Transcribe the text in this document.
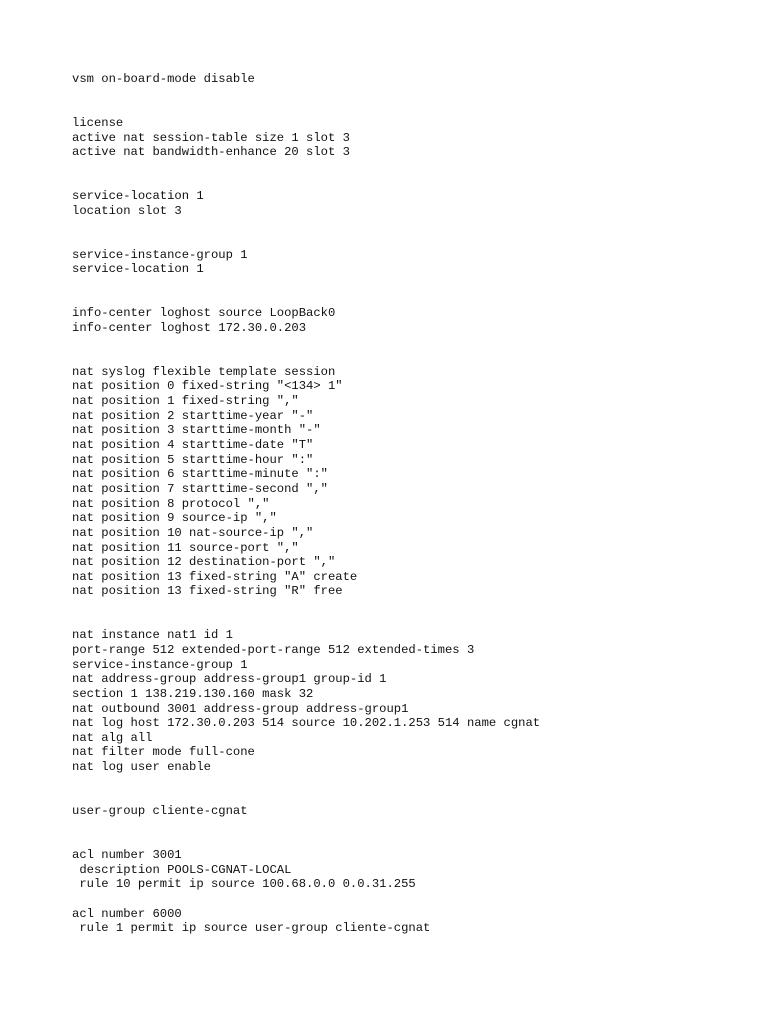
vsm on-board-mode disable
license
active nat session-table size 1 slot 3
active nat bandwidth-enhance 20 slot 3
service-location 1
location slot 3
service-instance-group 1
service-location 1
info-center loghost source LoopBack0
info-center loghost 172.30.0.203
nat syslog flexible template session
nat position 0 fixed-string "<134> 1"
nat position 1 fixed-string ","
nat position 2 starttime-year "-"
nat position 3 starttime-month "-"
nat position 4 starttime-date "T"
nat position 5 starttime-hour ":"
nat position 6 starttime-minute ":"
nat position 7 starttime-second ","
nat position 8 protocol ","
nat position 9 source-ip ","
nat position 10 nat-source-ip ","
nat position 11 source-port ","
nat position 12 destination-port ","
nat position 13 fixed-string "A" create
nat position 13 fixed-string "R" free
nat instance nat1 id 1
port-range 512 extended-port-range 512 extended-times 3
service-instance-group 1
nat address-group address-group1 group-id 1
section 1 138.219.130.160 mask 32
nat outbound 3001 address-group address-group1
nat log host 172.30.0.203 514 source 10.202.1.253 514 name cgnat
nat alg all
nat filter mode full-cone
nat log user enable
user-group cliente-cgnat
acl number 3001
description POOLS-CGNAT-LOCAL
rule 10 permit ip source 100.68.0.0 0.0.31.255
acl number 6000
rule 1 permit ip source user-group cliente-cgnat
